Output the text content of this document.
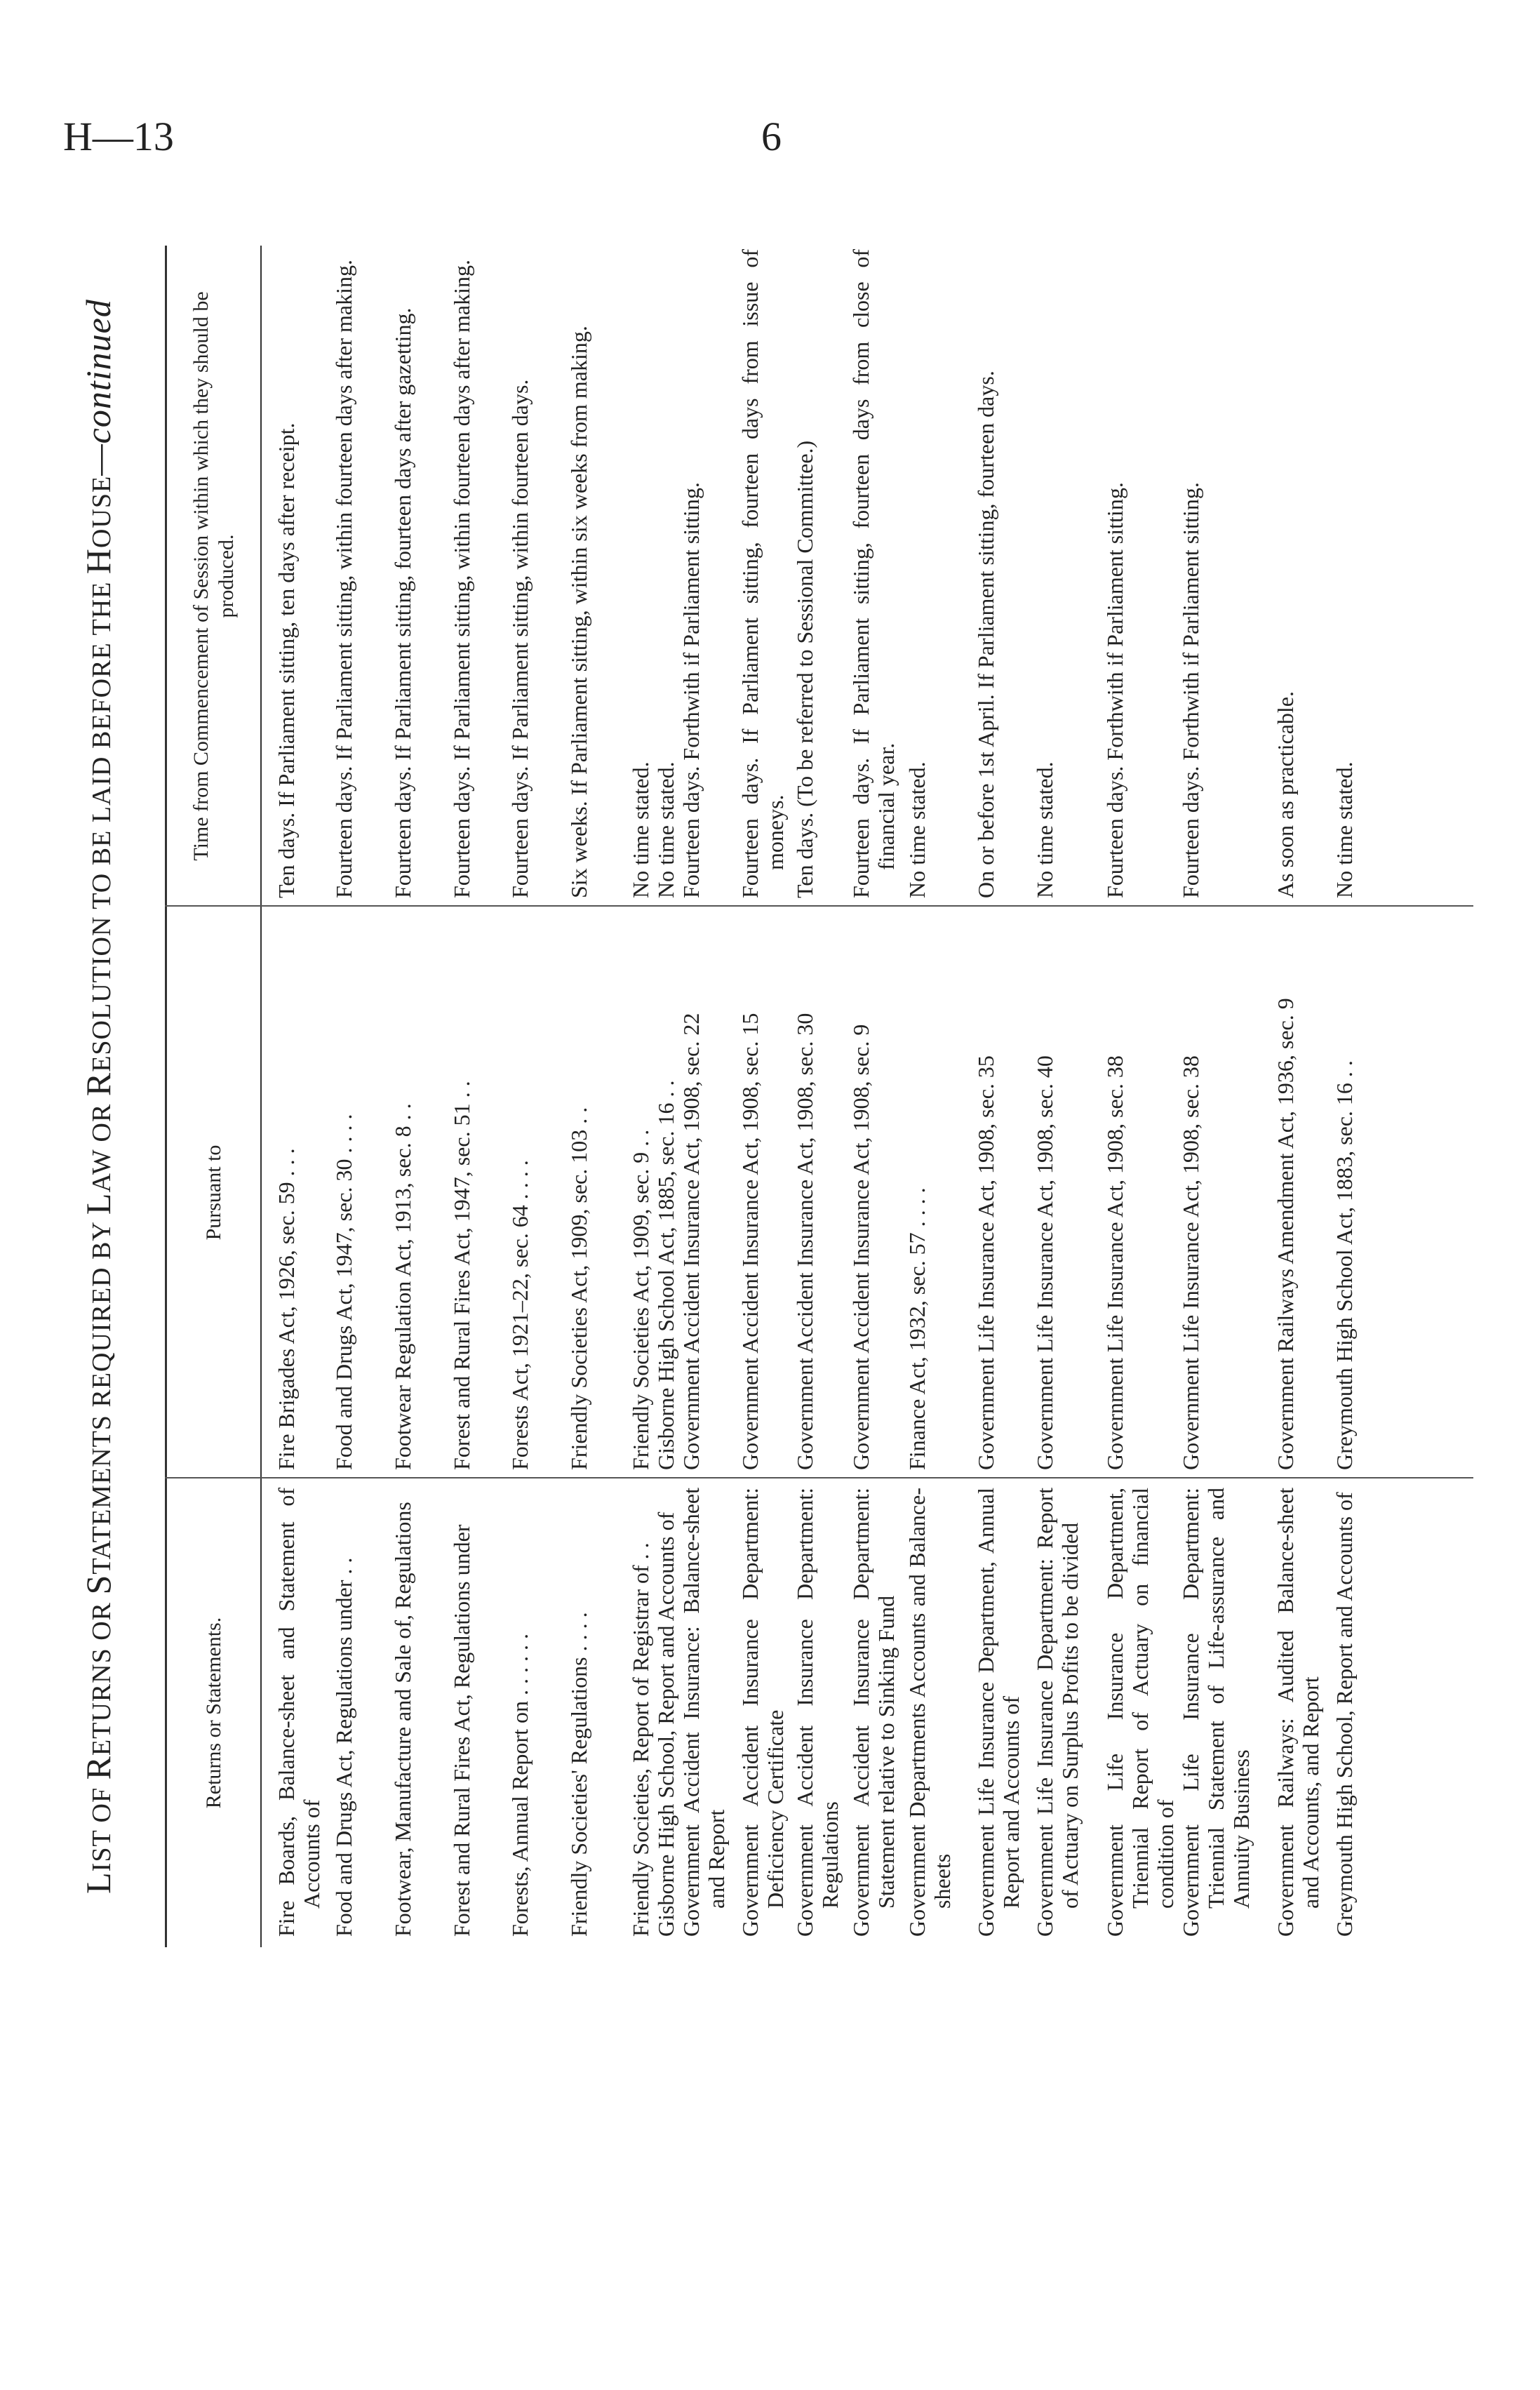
H—13	6
LIST OF RETURNS OR STATEMENTS REQUIRED BY LAW OR RESOLUTION TO BE LAID BEFORE THE HOUSE—continued
Returns or Statements.
Pursuant to
Time from Commencement of Session within which they should be produced.
Fire Boards, Balance-sheet and Statement of Accounts of
Fire Brigades Act, 1926, sec. 59 . . .
Ten days. If Parliament sitting, ten days after receipt.
Food and Drugs Act, Regulations under . .
Food and Drugs Act, 1947, sec. 30 . . . .
Fourteen days. If Parliament sitting, within fourteen days after making.
Footwear, Manufacture and Sale of, Regulations
Footwear Regulation Act, 1913, sec. 8 . .
Fourteen days. If Parliament sitting, fourteen days after gazetting.
Forest and Rural Fires Act, Regulations under
Forest and Rural Fires Act, 1947, sec. 51 . .
Fourteen days. If Parliament sitting, within fourteen days after making.
Forests, Annual Report on . . . . . .
Forests Act, 1921–22, sec. 64 . . . .
Fourteen days. If Parliament sitting, within fourteen days.
Friendly Societies' Regulations . . . .
Friendly Societies Act, 1909, sec. 103 . .
Six weeks. If Parliament sitting, within six weeks from making.
Friendly Societies, Report of Registrar of . .
Friendly Societies Act, 1909, sec. 9 . .
No time stated.
Gisborne High School, Report and Accounts of
Gisborne High School Act, 1885, sec. 16 . .
No time stated.
Government Accident Insurance: Balance-sheet and Report
Government Accident Insurance Act, 1908, sec. 22
Fourteen days. Forthwith if Parliament sitting.
Government Accident Insurance Department: Deficiency Certificate
Government Accident Insurance Act, 1908, sec. 15
Fourteen days. If Parliament sitting, fourteen days from issue of moneys.
Government Accident Insurance Department: Regulations
Government Accident Insurance Act, 1908, sec. 30
Ten days. (To be referred to Sessional Committee.)
Government Accident Insurance Department: Statement relative to Sinking Fund
Government Accident Insurance Act, 1908, sec. 9
Fourteen days. If Parliament sitting, fourteen days from close of financial year.
Government Departments Accounts and Balance-sheets
Finance Act, 1932, sec. 57 . . . .
No time stated.
Government Life Insurance Department, Annual Report and Accounts of
Government Life Insurance Act, 1908, sec. 35
On or before 1st April. If Parliament sitting, fourteen days.
Government Life Insurance Department: Report of Actuary on Surplus Profits to be divided
Government Life Insurance Act, 1908, sec. 40
No time stated.
Government Life Insurance Department, Triennial Report of Actuary on financial condition of
Government Life Insurance Act, 1908, sec. 38
Fourteen days. Forthwith if Parliament sitting.
Government Life Insurance Department: Triennial Statement of Life-assurance and Annuity Business
Government Life Insurance Act, 1908, sec. 38
Fourteen days. Forthwith if Parliament sitting.
Government Railways: Audited Balance-sheet and Accounts, and Report
Government Railways Amendment Act, 1936, sec. 9
As soon as practicable.
Greymouth High School, Report and Accounts of
Greymouth High School Act, 1883, sec. 16 . .
No time stated.
